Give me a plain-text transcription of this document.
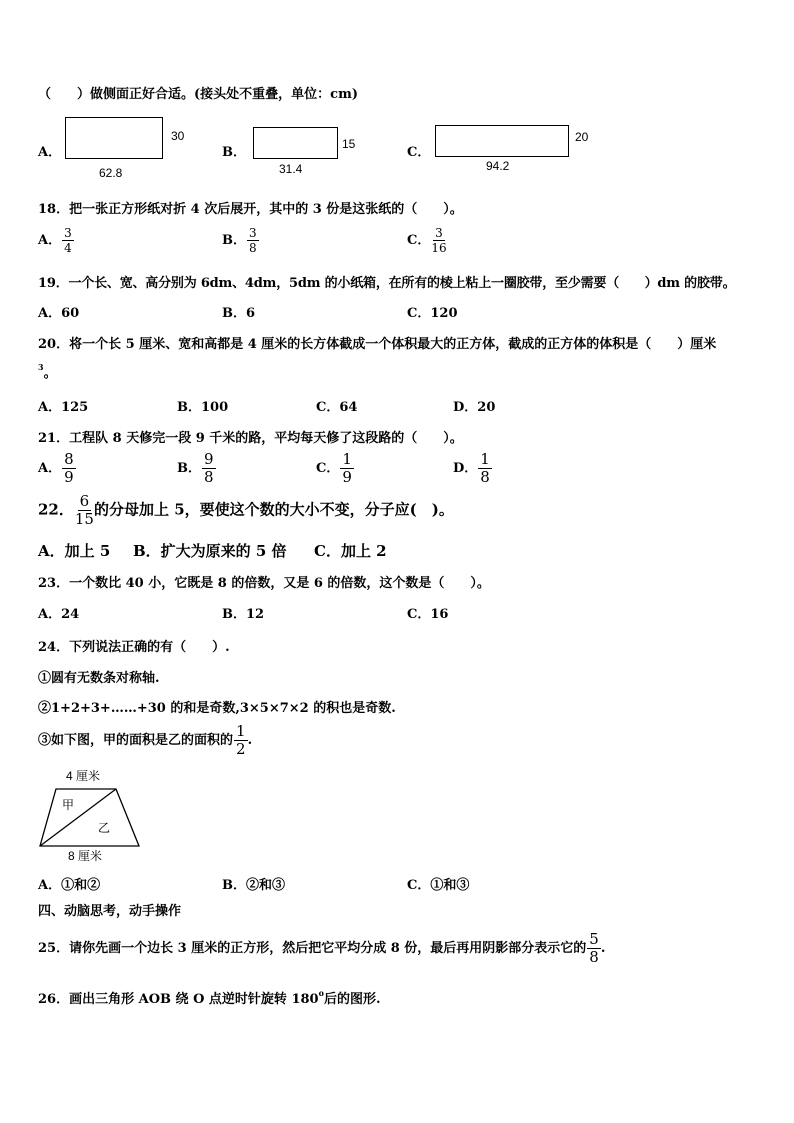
（　　）做侧面正好合适。(接头处不重叠，单位：cm)
A．
30
62.8
B．
15
31.4
C．
20
94.2
18．把一张正方形纸对折 4 次后展开，其中的 3 份是这张纸的（　　）。
A． $\frac{3}{4}$	B． $\frac{3}{8}$	C． $\frac{3}{16}$
19．一个长、宽、高分别为 6dm、4dm，5dm 的小纸箱，在所有的棱上粘上一圈胶带，至少需要（　　）dm 的胶带。
A．60	B．6	C．120
20．将一个长 5 厘米、宽和高都是 4 厘米的长方体截成一个体积最大的正方体，截成的正方体的体积是（　　）厘米
$^3$。
A．125	B．100	C．64	D．20
21．工程队 8 天修完一段 9 千米的路，平均每天修了这段路的（　　）。
A． $\frac{8}{9}$	B． $\frac{9}{8}$	C． $\frac{1}{9}$	D． $\frac{1}{8}$
22． $\frac{6}{15}$ 的分母加上 5，要使这个数的大小不变，分子应(　)。
A．加上 5 B．扩大为原来的 5 倍 C．加上 2
23．一个数比 40 小，它既是 8 的倍数，又是 6 的倍数，这个数是（　　）。
A．24	B．12	C．16
24．下列说法正确的有（　　）.
①圆有无数条对称轴.
②1+2+3+……+30 的和是奇数,3×5×7×2 的积也是奇数.
③如下图，甲的面积是乙的面积的 $\frac{1}{2}$ .
4 厘米
甲
乙
8 厘米
A．①和②	B．②和③	C．①和③
四、动脑思考，动手操作
25．请你先画一个边长 3 厘米的正方形，然后把它平均分成 8 份，最后再用阴影部分表示它的 $\frac{5}{8}$ .
26．画出三角形 AOB 绕 O 点逆时针旋转 180$^o$后的图形.
